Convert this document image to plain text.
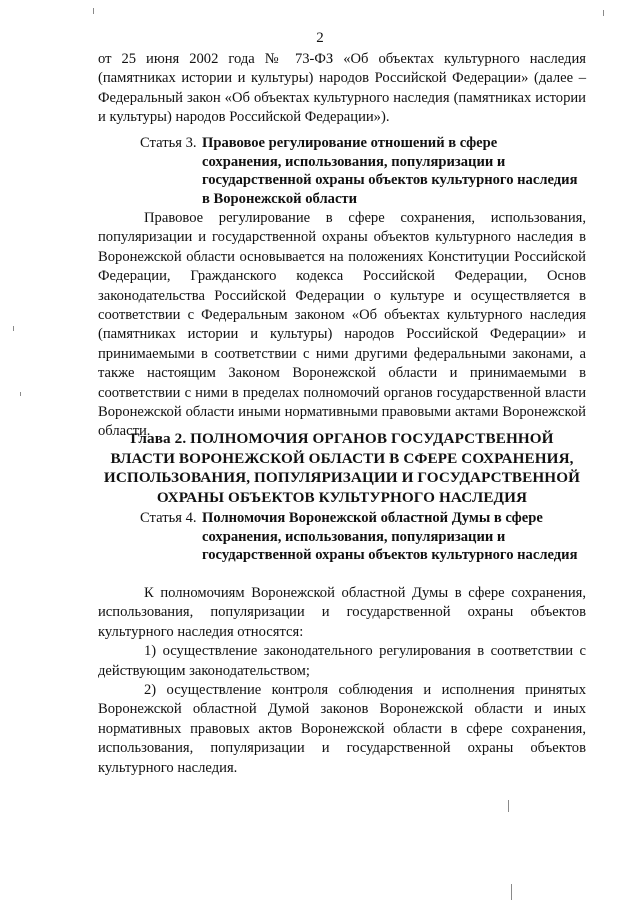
2

от 25 июня 2002 года № 73-ФЗ «Об объектах культурного наследия (памятниках истории и культуры) народов Российской Федерации» (далее – Федеральный закон «Об объектах культурного наследия (памятниках истории и культуры) народов Российской Федерации»).

Статья 3. Правовое регулирование отношений в сфере сохранения, использования, популяризации и государственной охраны объектов культурного наследия в Воронежской области

Правовое регулирование в сфере сохранения, использования, популяризации и государственной охраны объектов культурного наследия в Воронежской области основывается на положениях Конституции Российской Федерации, Гражданского кодекса Российской Федерации, Основ законодательства Российской Федерации о культуре и осуществляется в соответствии с Федеральным законом «Об объектах культурного наследия (памятниках истории и культуры) народов Российской Федерации» и принимаемыми в соответствии с ними другими федеральными законами, а также настоящим Законом Воронежской области и принимаемыми в соответствии с ними в пределах полномочий органов государственной власти Воронежской области иными нормативными правовыми актами Воронежской области.

Глава 2. ПОЛНОМОЧИЯ ОРГАНОВ ГОСУДАРСТВЕННОЙ ВЛАСТИ ВОРОНЕЖСКОЙ ОБЛАСТИ В СФЕРЕ СОХРАНЕНИЯ, ИСПОЛЬЗОВАНИЯ, ПОПУЛЯРИЗАЦИИ И ГОСУДАРСТВЕННОЙ ОХРАНЫ ОБЪЕКТОВ КУЛЬТУРНОГО НАСЛЕДИЯ
Статья 4. Полномочия Воронежской областной Думы в сфере сохранения, использования, популяризации и государственной охраны объектов культурного наследия

К полномочиям Воронежской областной Думы в сфере сохранения, использования, популяризации и государственной охраны объектов культурного наследия относятся:

1) осуществление законодательного регулирования в соответствии с действующим законодательством;

2) осуществление контроля соблюдения и исполнения принятых Воронежской областной Думой законов Воронежской области и иных нормативных правовых актов Воронежской области в сфере сохранения, использования, популяризации и государственной охраны объектов культурного наследия.
